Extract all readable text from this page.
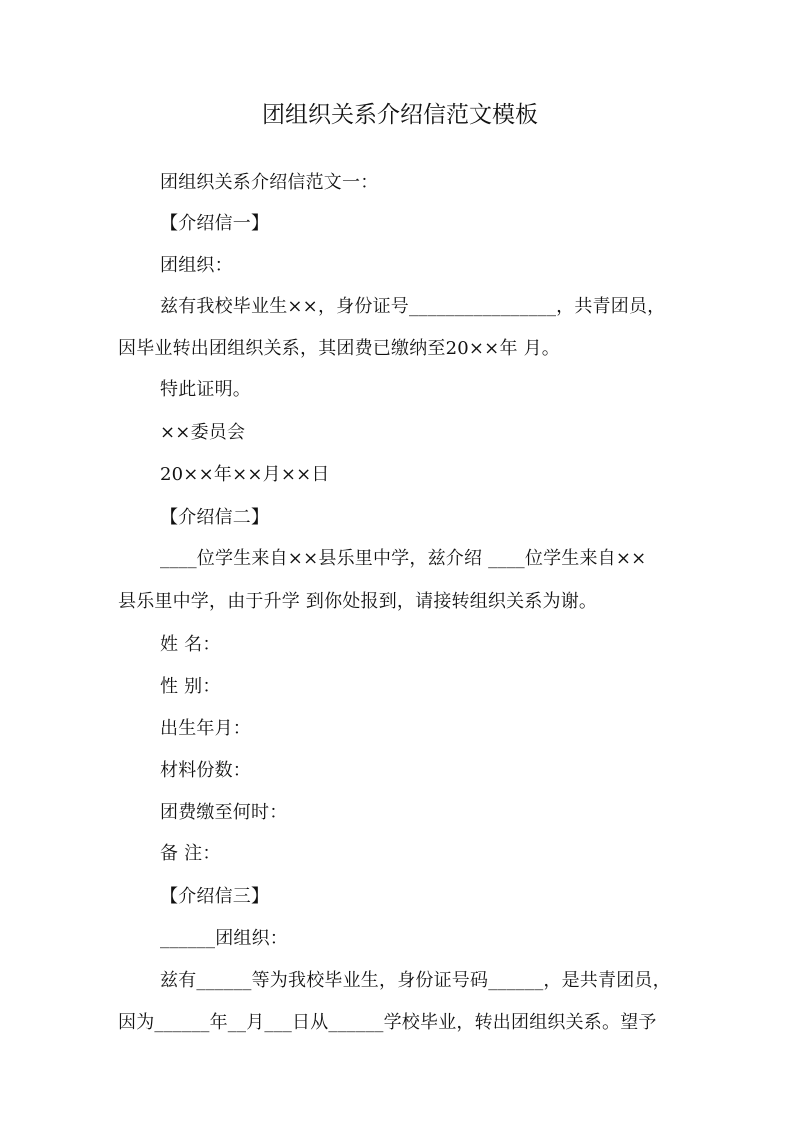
团组织关系介绍信范文模板
团组织关系介绍信范文一：
【介绍信一】
团组织：
兹有我校毕业生××，身份证号________________，共青团员，
因毕业转出团组织关系，其团费已缴纳至20××年 月。
特此证明。
××委员会
20××年××月××日
【介绍信二】
____位学生来自××县乐里中学，兹介绍 ____位学生来自××
县乐里中学，由于升学 到你处报到，请接转组织关系为谢。
姓 名：
性 别：
出生年月：
材料份数：
团费缴至何时：
备 注：
【介绍信三】
______团组织：
兹有______等为我校毕业生，身份证号码______，是共青团员，
因为______年__月___日从______学校毕业，转出团组织关系。望予
